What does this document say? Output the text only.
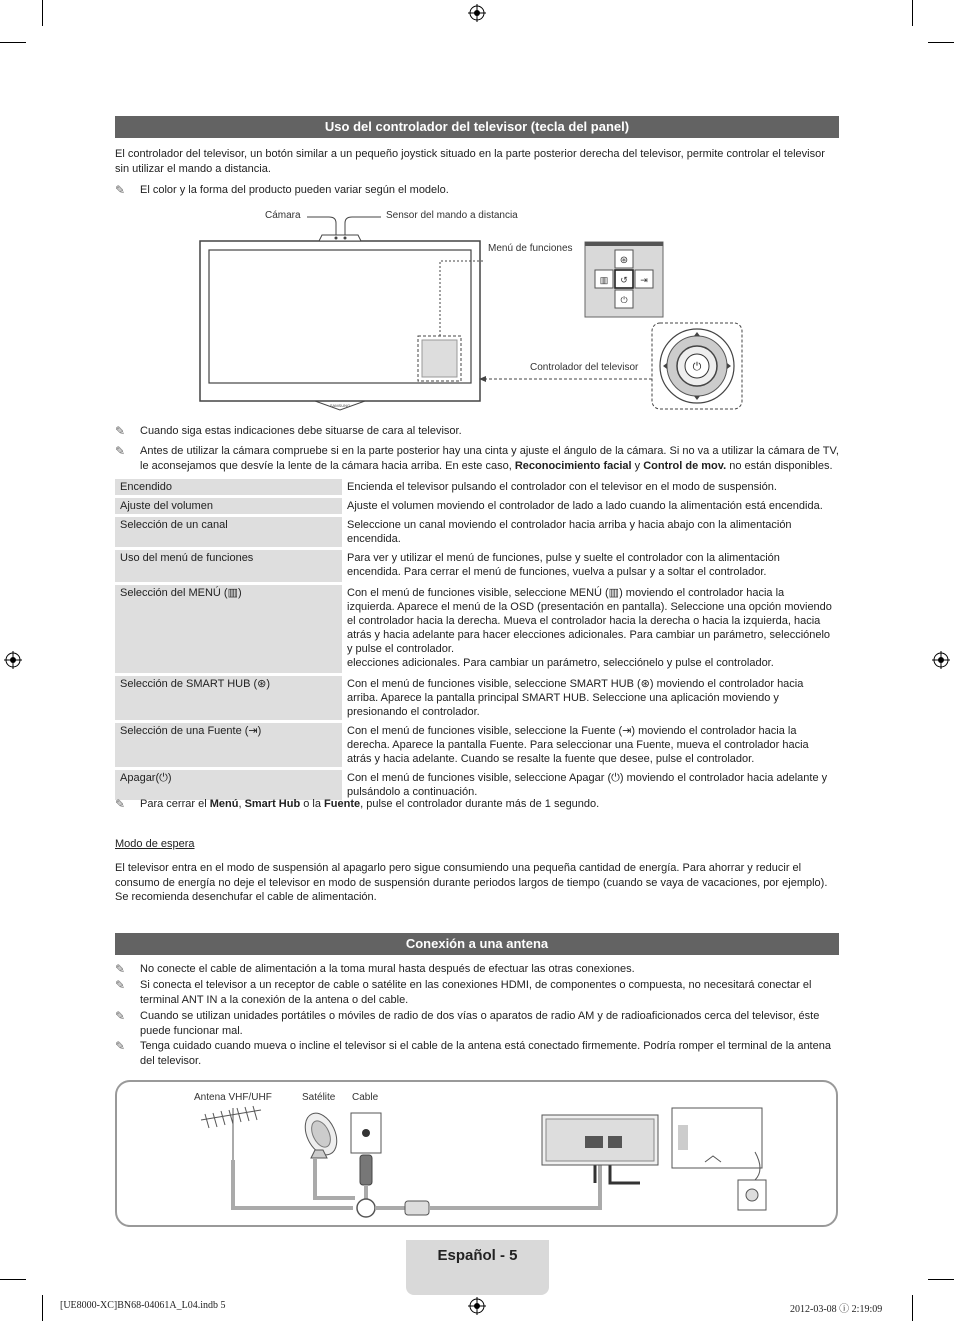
Uso del controlador del televisor (tecla del panel)
El controlador del televisor, un botón similar a un pequeño joystick situado en la parte posterior derecha del televisor, permite controlar el televisor sin utilizar el mando a distancia.
✎ El color y la forma del producto pueden variar según el modelo.
⊛
▥ ↺ ⇥
⏻
⏻
SAMSUNG
Cámara	Sensor del mando a distancia
Menú de funciones
Controlador del televisor
✎ Cuando siga estas indicaciones debe situarse de cara al televisor.
✎ Antes de utilizar la cámara compruebe si en la parte posterior hay una cinta y ajuste el ángulo de la cámara. Si no va a utilizar la cámara de TV, le aconsejamos que desvíe la lente de la cámara hacia arriba. En este caso, Reconocimiento facial y Control de mov. no están disponibles.
Encendido	Encienda el televisor pulsando el controlador con el televisor en el modo de suspensión.
Ajuste del volumen	Ajuste el volumen moviendo el controlador de lado a lado cuando la alimentación está encendida.
Selección de un canal	Seleccione un canal moviendo el controlador hacia arriba y hacia abajo con la alimentación encendida.
Uso del menú de funciones	Para ver y utilizar el menú de funciones, pulse y suelte el controlador con la alimentación encendida. Para cerrar el menú de funciones, vuelva a pulsar y a soltar el controlador.
Selección del MENÚ (▥)	Con el menú de funciones visible, seleccione MENÚ (▥) moviendo el controlador hacia la izquierda. Aparece el menú de la OSD (presentación en pantalla). Seleccione una opción moviendo el controlador hacia la derecha. Mueva el controlador hacia la derecha o hacia la izquierda, hacia atrás y hacia adelante para hacer elecciones adicionales. Para cambiar un parámetro, selecciónelo y pulse el controlador.
elecciones adicionales. Para cambiar un parámetro, selecciónelo y pulse el controlador.
Selección de SMART HUB (⊛)	Con el menú de funciones visible, seleccione SMART HUB (⊛) moviendo el controlador hacia arriba. Aparece la pantalla principal SMART HUB. Seleccione una aplicación moviendo y presionando el controlador.
Selección de una Fuente (⇥)	Con el menú de funciones visible, seleccione la Fuente (⇥) moviendo el controlador hacia la derecha. Aparece la pantalla Fuente. Para seleccionar una Fuente, mueva el controlador hacia atrás y hacia adelante. Cuando se resalte la fuente que desee, pulse el controlador.
Apagar(⏻)	Con el menú de funciones visible, seleccione Apagar (⏻) moviendo el controlador hacia adelante y pulsándolo a continuación.
✎ Para cerrar el Menú, Smart Hub o la Fuente, pulse el controlador durante más de 1 segundo.
Modo de espera
El televisor entra en el modo de suspensión al apagarlo pero sigue consumiendo una pequeña cantidad de energía. Para ahorrar y reducir el consumo de energía no deje el televisor en modo de suspensión durante periodos largos de tiempo (cuando se vaya de vacaciones, por ejemplo). Se recomienda desenchufar el cable de alimentación.
Conexión a una antena
✎ No conecte el cable de alimentación a la toma mural hasta después de efectuar las otras conexiones.
✎ Si conecta el televisor a un receptor de cable o satélite en las conexiones HDMI, de componentes o compuesta, no necesitará conectar el terminal ANT IN a la conexión de la antena o del cable.
✎ Cuando se utilizan unidades portátiles o móviles de radio de dos vías o aparatos de radio AM y de radioaficionados cerca del televisor, éste puede funcionar mal.
✎ Tenga cuidado cuando mueva o incline el televisor si el cable de la antena está conectado firmemente. Podría romper el terminal de la antena del televisor.
Antena VHF/UHF	Satélite Cable
Español - 5
[UE8000-XC]BN68-04061A_L04.indb 5	2012-03-08 ⓘ 2:19:09
